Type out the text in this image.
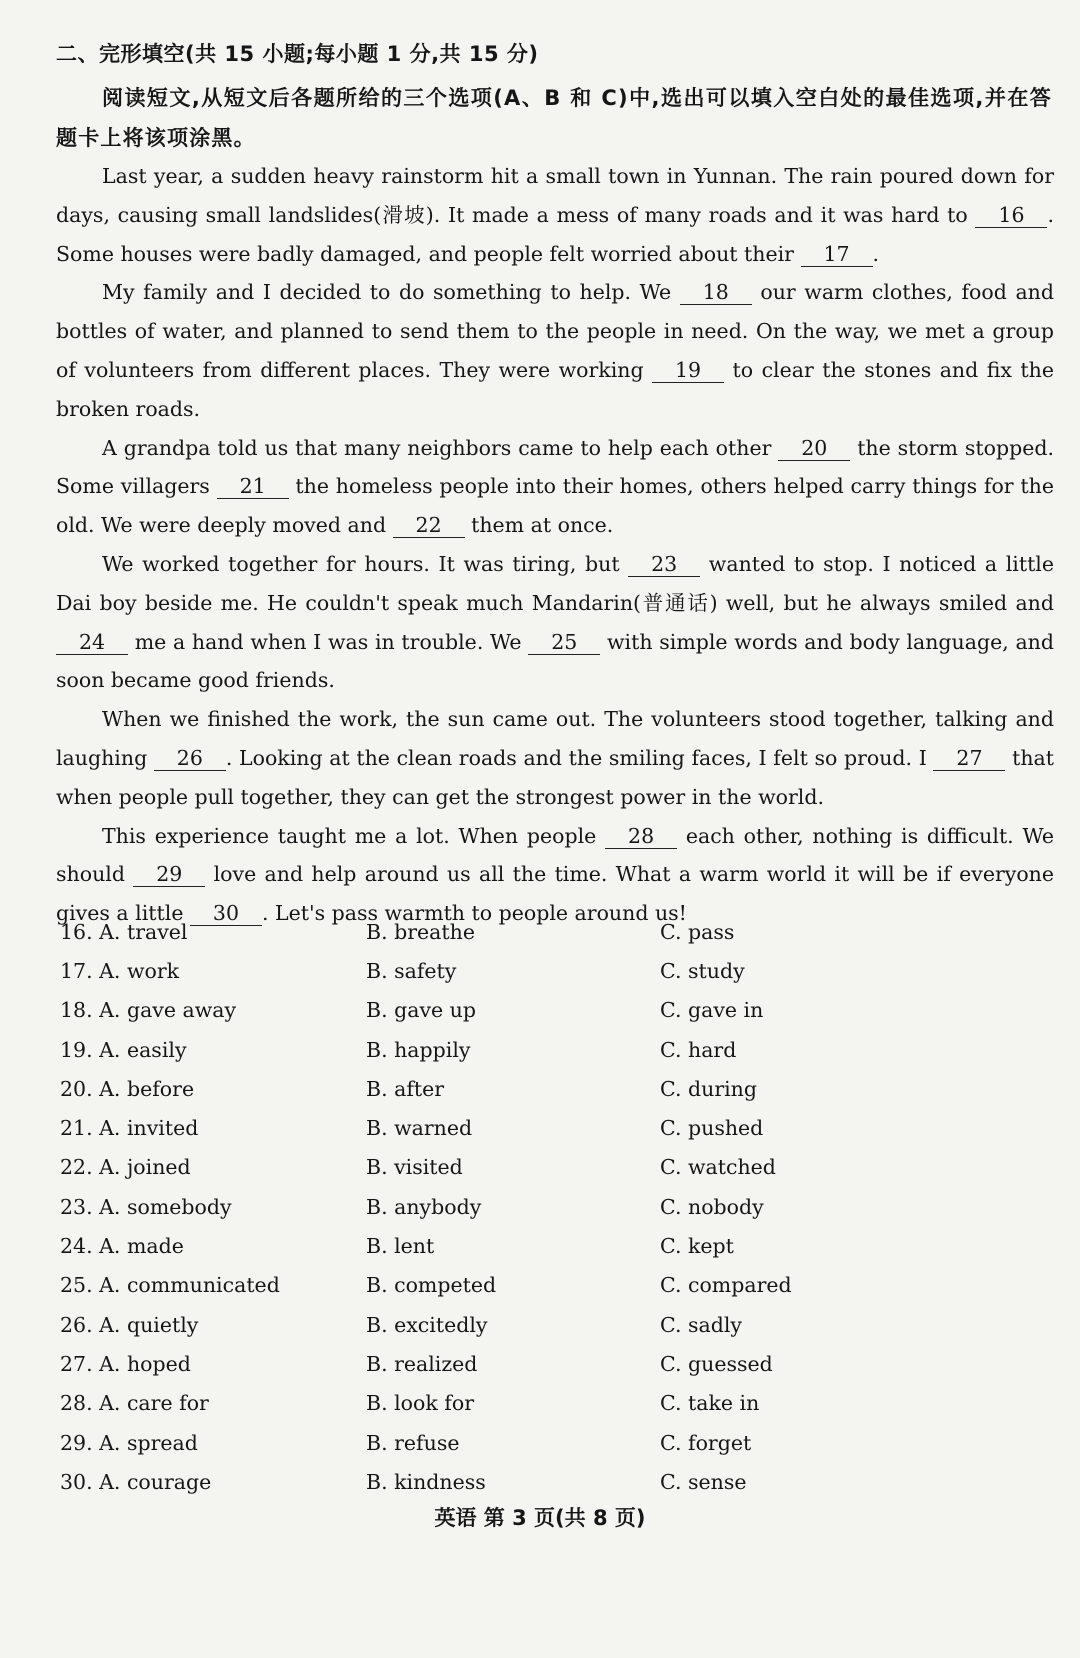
二、完形填空(共 15 小题;每小题 1 分,共 15 分)
阅读短文,从短文后各题所给的三个选项(A、B 和 C)中,选出可以填入空白处的最佳选项,并在答题卡上将该项涂黑。

Last year, a sudden heavy rainstorm hit a small town in Yunnan. The rain poured down for days, causing small landslides(滑坡). It made a mess of many roads and it was hard to 16 . Some houses were badly damaged, and people felt worried about their 17 .

My family and I decided to do something to help. We 18 our warm clothes, food and bottles of water, and planned to send them to the people in need. On the way, we met a group of volunteers from different places. They were working 19 to clear the stones and fix the broken roads.

A grandpa told us that many neighbors came to help each other 20 the storm stopped. Some villagers 21 the homeless people into their homes, others helped carry things for the old. We were deeply moved and 22 them at once.

We worked together for hours. It was tiring, but 23 wanted to stop. I noticed a little Dai boy beside me. He couldn't speak much Mandarin(普通话) well, but he always smiled and 24 me a hand when I was in trouble. We 25 with simple words and body language, and soon became good friends.

When we finished the work, the sun came out. The volunteers stood together, talking and laughing 26 . Looking at the clean roads and the smiling faces, I felt so proud. I 27 that when people pull together, they can get the strongest power in the world.

This experience taught me a lot. When people 28 each other, nothing is difficult. We should 29 love and help around us all the time. What a warm world it will be if everyone gives a little 30 . Let's pass warmth to people around us!

16. A. travel	B. breathe	C. pass
17. A. work	B. safety	C. study
18. A. gave away	B. gave up	C. gave in
19. A. easily	B. happily	C. hard
20. A. before	B. after	C. during
21. A. invited	B. warned	C. pushed
22. A. joined	B. visited	C. watched
23. A. somebody	B. anybody	C. nobody
24. A. made	B. lent	C. kept
25. A. communicated	B. competed	C. compared
26. A. quietly	B. excitedly	C. sadly
27. A. hoped	B. realized	C. guessed
28. A. care for	B. look for	C. take in
29. A. spread	B. refuse	C. forget
30. A. courage	B. kindness	C. sense
英语 第 3 页(共 8 页)
